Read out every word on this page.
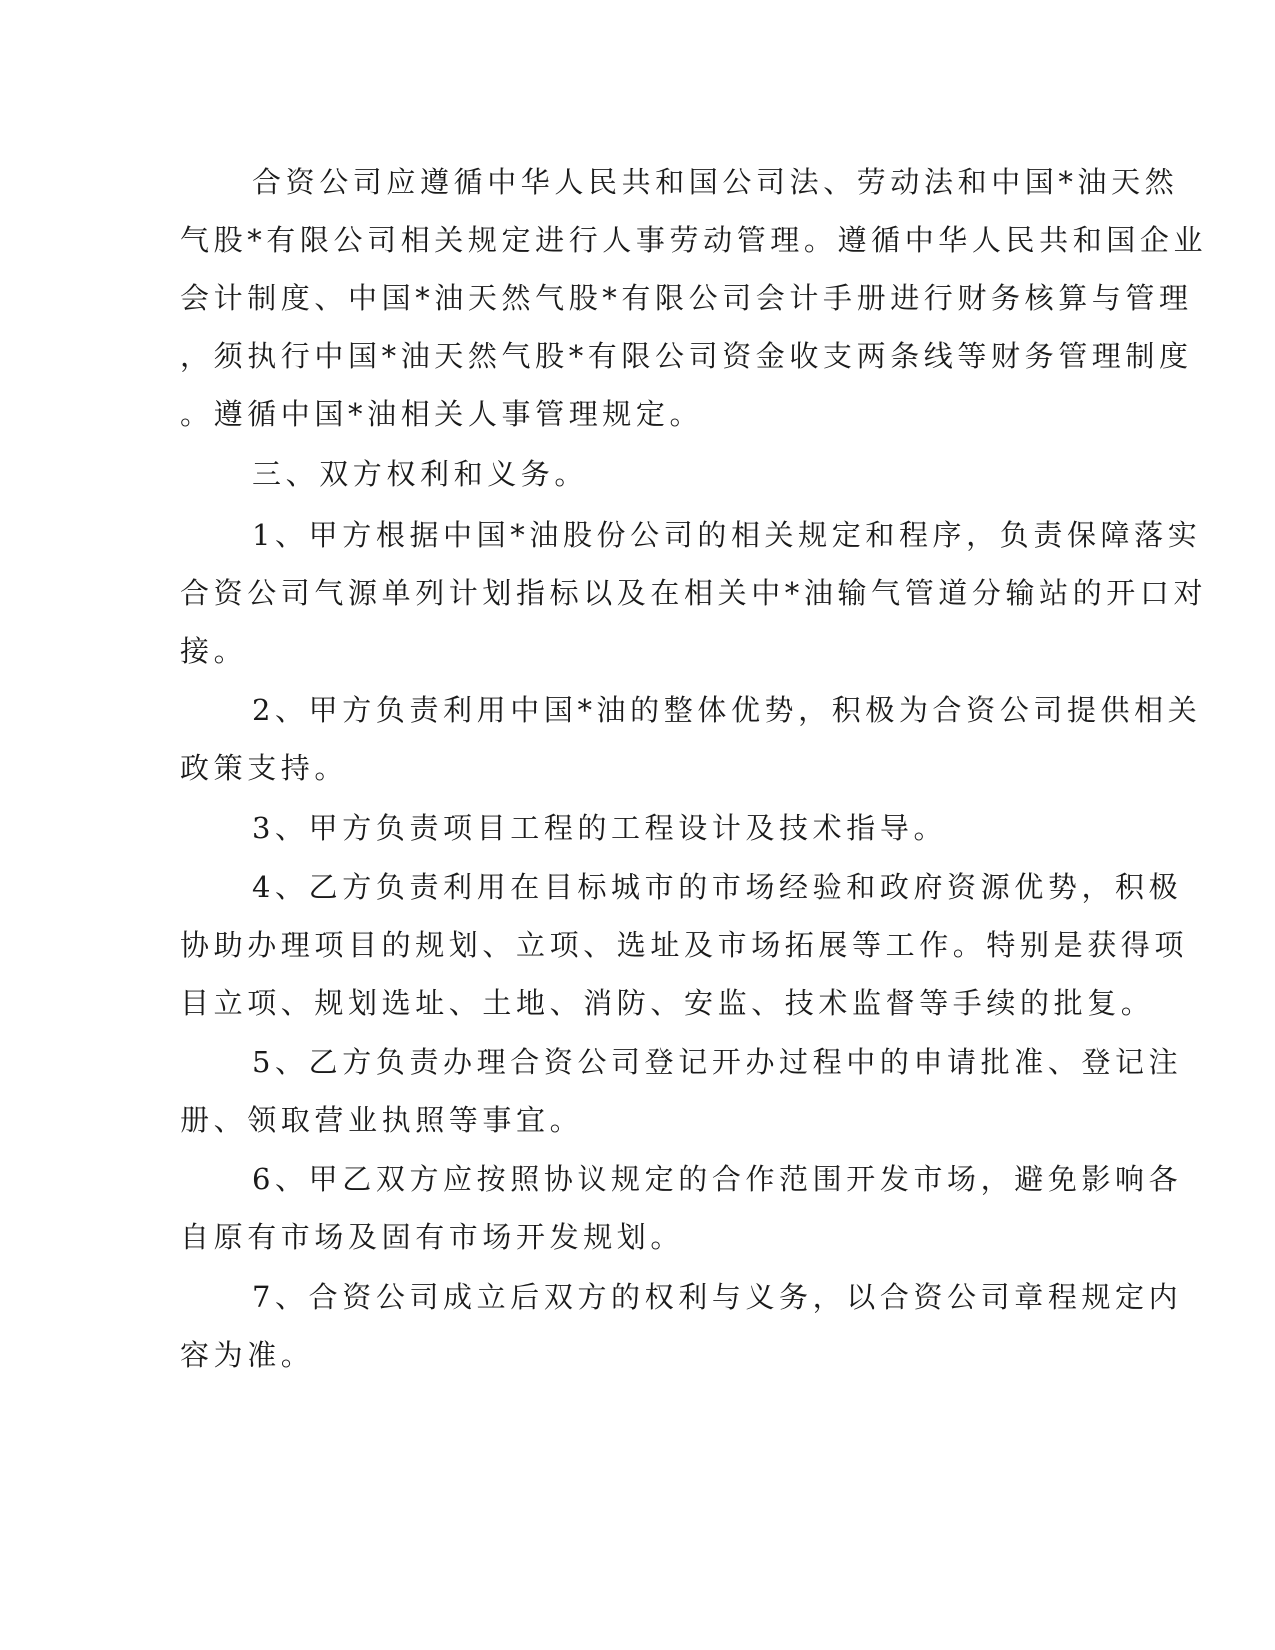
合资公司应遵循中华人民共和国公司法、劳动法和中国*油天然
气股*有限公司相关规定进行人事劳动管理。遵循中华人民共和国企业
会计制度、中国*油天然气股*有限公司会计手册进行财务核算与管理
，须执行中国*油天然气股*有限公司资金收支两条线等财务管理制度
。遵循中国*油相关人事管理规定。
三、双方权利和义务。
1、甲方根据中国*油股份公司的相关规定和程序，负责保障落实
合资公司气源单列计划指标以及在相关中*油输气管道分输站的开口对
接。
2、甲方负责利用中国*油的整体优势，积极为合资公司提供相关
政策支持。
3、甲方负责项目工程的工程设计及技术指导。
4、乙方负责利用在目标城市的市场经验和政府资源优势，积极
协助办理项目的规划、立项、选址及市场拓展等工作。特别是获得项
目立项、规划选址、土地、消防、安监、技术监督等手续的批复。
5、乙方负责办理合资公司登记开办过程中的申请批准、登记注
册、领取营业执照等事宜。
6、甲乙双方应按照协议规定的合作范围开发市场，避免影响各
自原有市场及固有市场开发规划。
7、合资公司成立后双方的权利与义务，以合资公司章程规定内
容为准。
